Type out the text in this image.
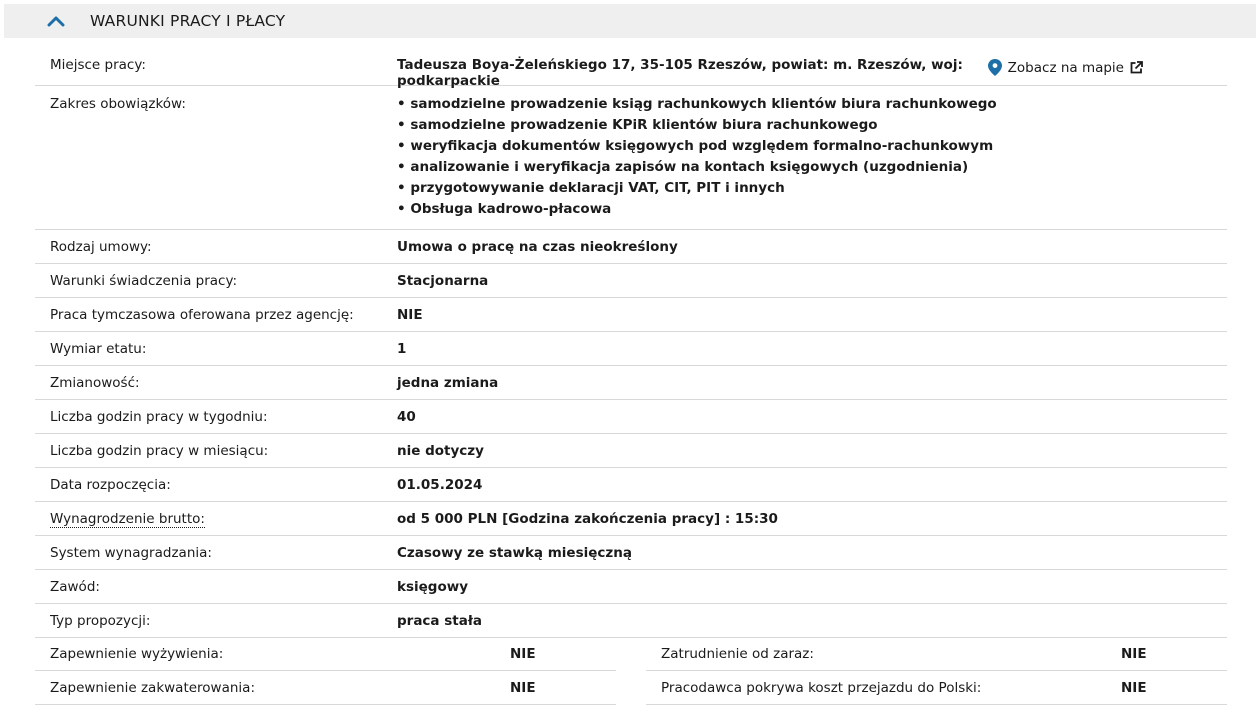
WARUNKI PRACY I PŁACY
Miejsce pracy:	Tadeusza Boya-Żeleńskiego 17, 35-105 Rzeszów, powiat: m. Rzeszów, woj: podkarpackie
Zobacz na mapie
Zakres obowiązków:
•	samodzielne prowadzenie ksiąg rachunkowych klientów biura rachunkowego
• samodzielne prowadzenie KPiR klientów biura rachunkowego
• weryfikacja dokumentów księgowych pod względem formalno-rachunkowym
• analizowanie i weryfikacja zapisów na kontach księgowych (uzgodnienia)
• przygotowywanie deklaracji VAT, CIT, PIT i innych
• Obsługa kadrowo-płacowa
Rodzaj umowy:	Umowa o pracę na czas nieokreślony
Warunki świadczenia pracy:	Stacjonarna
Praca tymczasowa oferowana przez agencję:	NIE
Wymiar etatu:	1
Zmianowość:	jedna zmiana
Liczba godzin pracy w tygodniu:	40
Liczba godzin pracy w miesiącu:	nie dotyczy
Data rozpoczęcia:	01.05.2024
Wynagrodzenie brutto:	od 5 000 PLN [Godzina zakończenia pracy] : 15:30
System wynagradzania:	Czasowy ze stawką miesięczną
Zawód:	księgowy
Typ propozycji:	praca stała
Zapewnienie wyżywienia:	NIE
Zapewnienie zakwaterowania:	NIE
Zatrudnienie od zaraz:	NIE
Pracodawca pokrywa koszt przejazdu do Polski:	NIE
